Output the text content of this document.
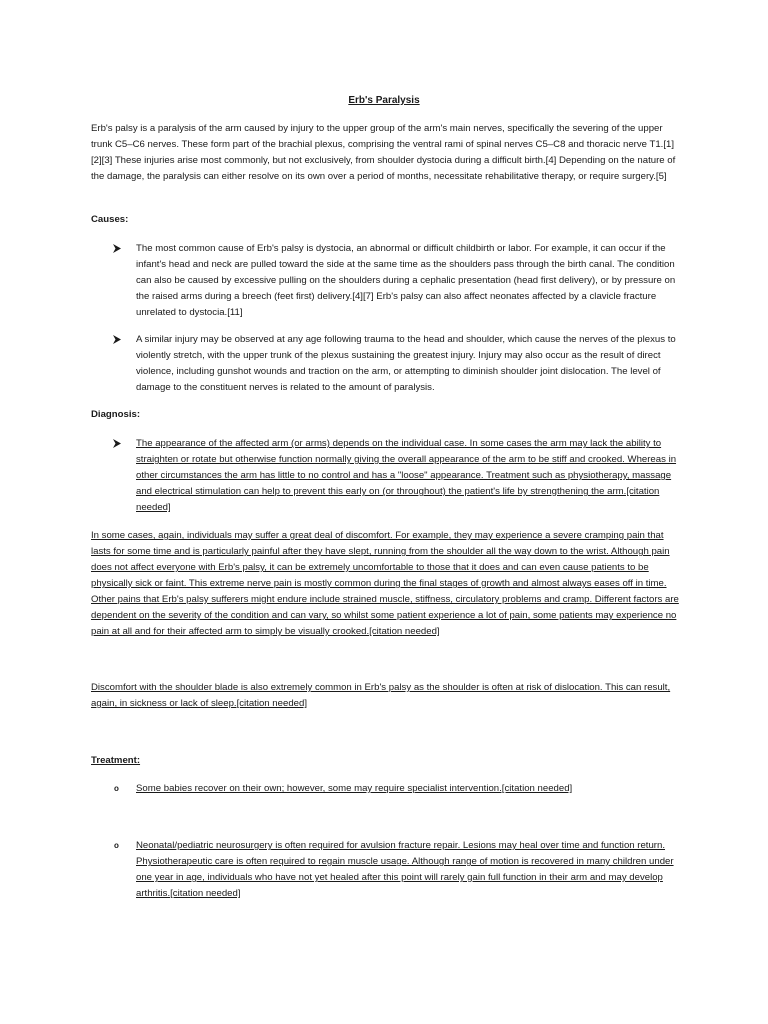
Erb's Paralysis
Erb's palsy is a paralysis of the arm caused by injury to the upper group of the arm's main nerves, specifically the severing of the upper trunk C5–C6 nerves. These form part of the brachial plexus, comprising the ventral rami of spinal nerves C5–C8 and thoracic nerve T1.[1][2][3] These injuries arise most commonly, but not exclusively, from shoulder dystocia during a difficult birth.[4] Depending on the nature of the damage, the paralysis can either resolve on its own over a period of months, necessitate rehabilitative therapy, or require surgery.[5]
Causes:
The most common cause of Erb's palsy is dystocia, an abnormal or difficult childbirth or labor. For example, it can occur if the infant's head and neck are pulled toward the side at the same time as the shoulders pass through the birth canal. The condition can also be caused by excessive pulling on the shoulders during a cephalic presentation (head first delivery), or by pressure on the raised arms during a breech (feet first) delivery.[4][7] Erb's palsy can also affect neonates affected by a clavicle fracture unrelated to dystocia.[11]
A similar injury may be observed at any age following trauma to the head and shoulder, which cause the nerves of the plexus to violently stretch, with the upper trunk of the plexus sustaining the greatest injury. Injury may also occur as the result of direct violence, including gunshot wounds and traction on the arm, or attempting to diminish shoulder joint dislocation. The level of damage to the constituent nerves is related to the amount of paralysis.
Diagnosis:
The appearance of the affected arm (or arms) depends on the individual case. In some cases the arm may lack the ability to straighten or rotate but otherwise function normally giving the overall appearance of the arm to be stiff and crooked. Whereas in other circumstances the arm has little to no control and has a "loose" appearance. Treatment such as physiotherapy, massage and electrical stimulation can help to prevent this early on (or throughout) the patient's life by strengthening the arm.[citation needed]
In some cases, again, individuals may suffer a great deal of discomfort. For example, they may experience a severe cramping pain that lasts for some time and is particularly painful after they have slept, running from the shoulder all the way down to the wrist. Although pain does not affect everyone with Erb's palsy, it can be extremely uncomfortable to those that it does and can even cause patients to be physically sick or faint. This extreme nerve pain is mostly common during the final stages of growth and almost always eases off in time. Other pains that Erb's palsy sufferers might endure include strained muscle, stiffness, circulatory problems and cramp. Different factors are dependent on the severity of the condition and can vary, so whilst some patient experience a lot of pain, some patients may experience no pain at all and for their affected arm to simply be visually crooked.[citation needed]
Discomfort with the shoulder blade is also extremely common in Erb's palsy as the shoulder is often at risk of dislocation. This can result, again, in sickness or lack of sleep.[citation needed]
Treatment:
o Some babies recover on their own; however, some may require specialist intervention.[citation needed]
o Neonatal/pediatric neurosurgery is often required for avulsion fracture repair. Lesions may heal over time and function return. Physiotherapeutic care is often required to regain muscle usage. Although range of motion is recovered in many children under one year in age, individuals who have not yet healed after this point will rarely gain full function in their arm and may develop arthritis.[citation needed]
